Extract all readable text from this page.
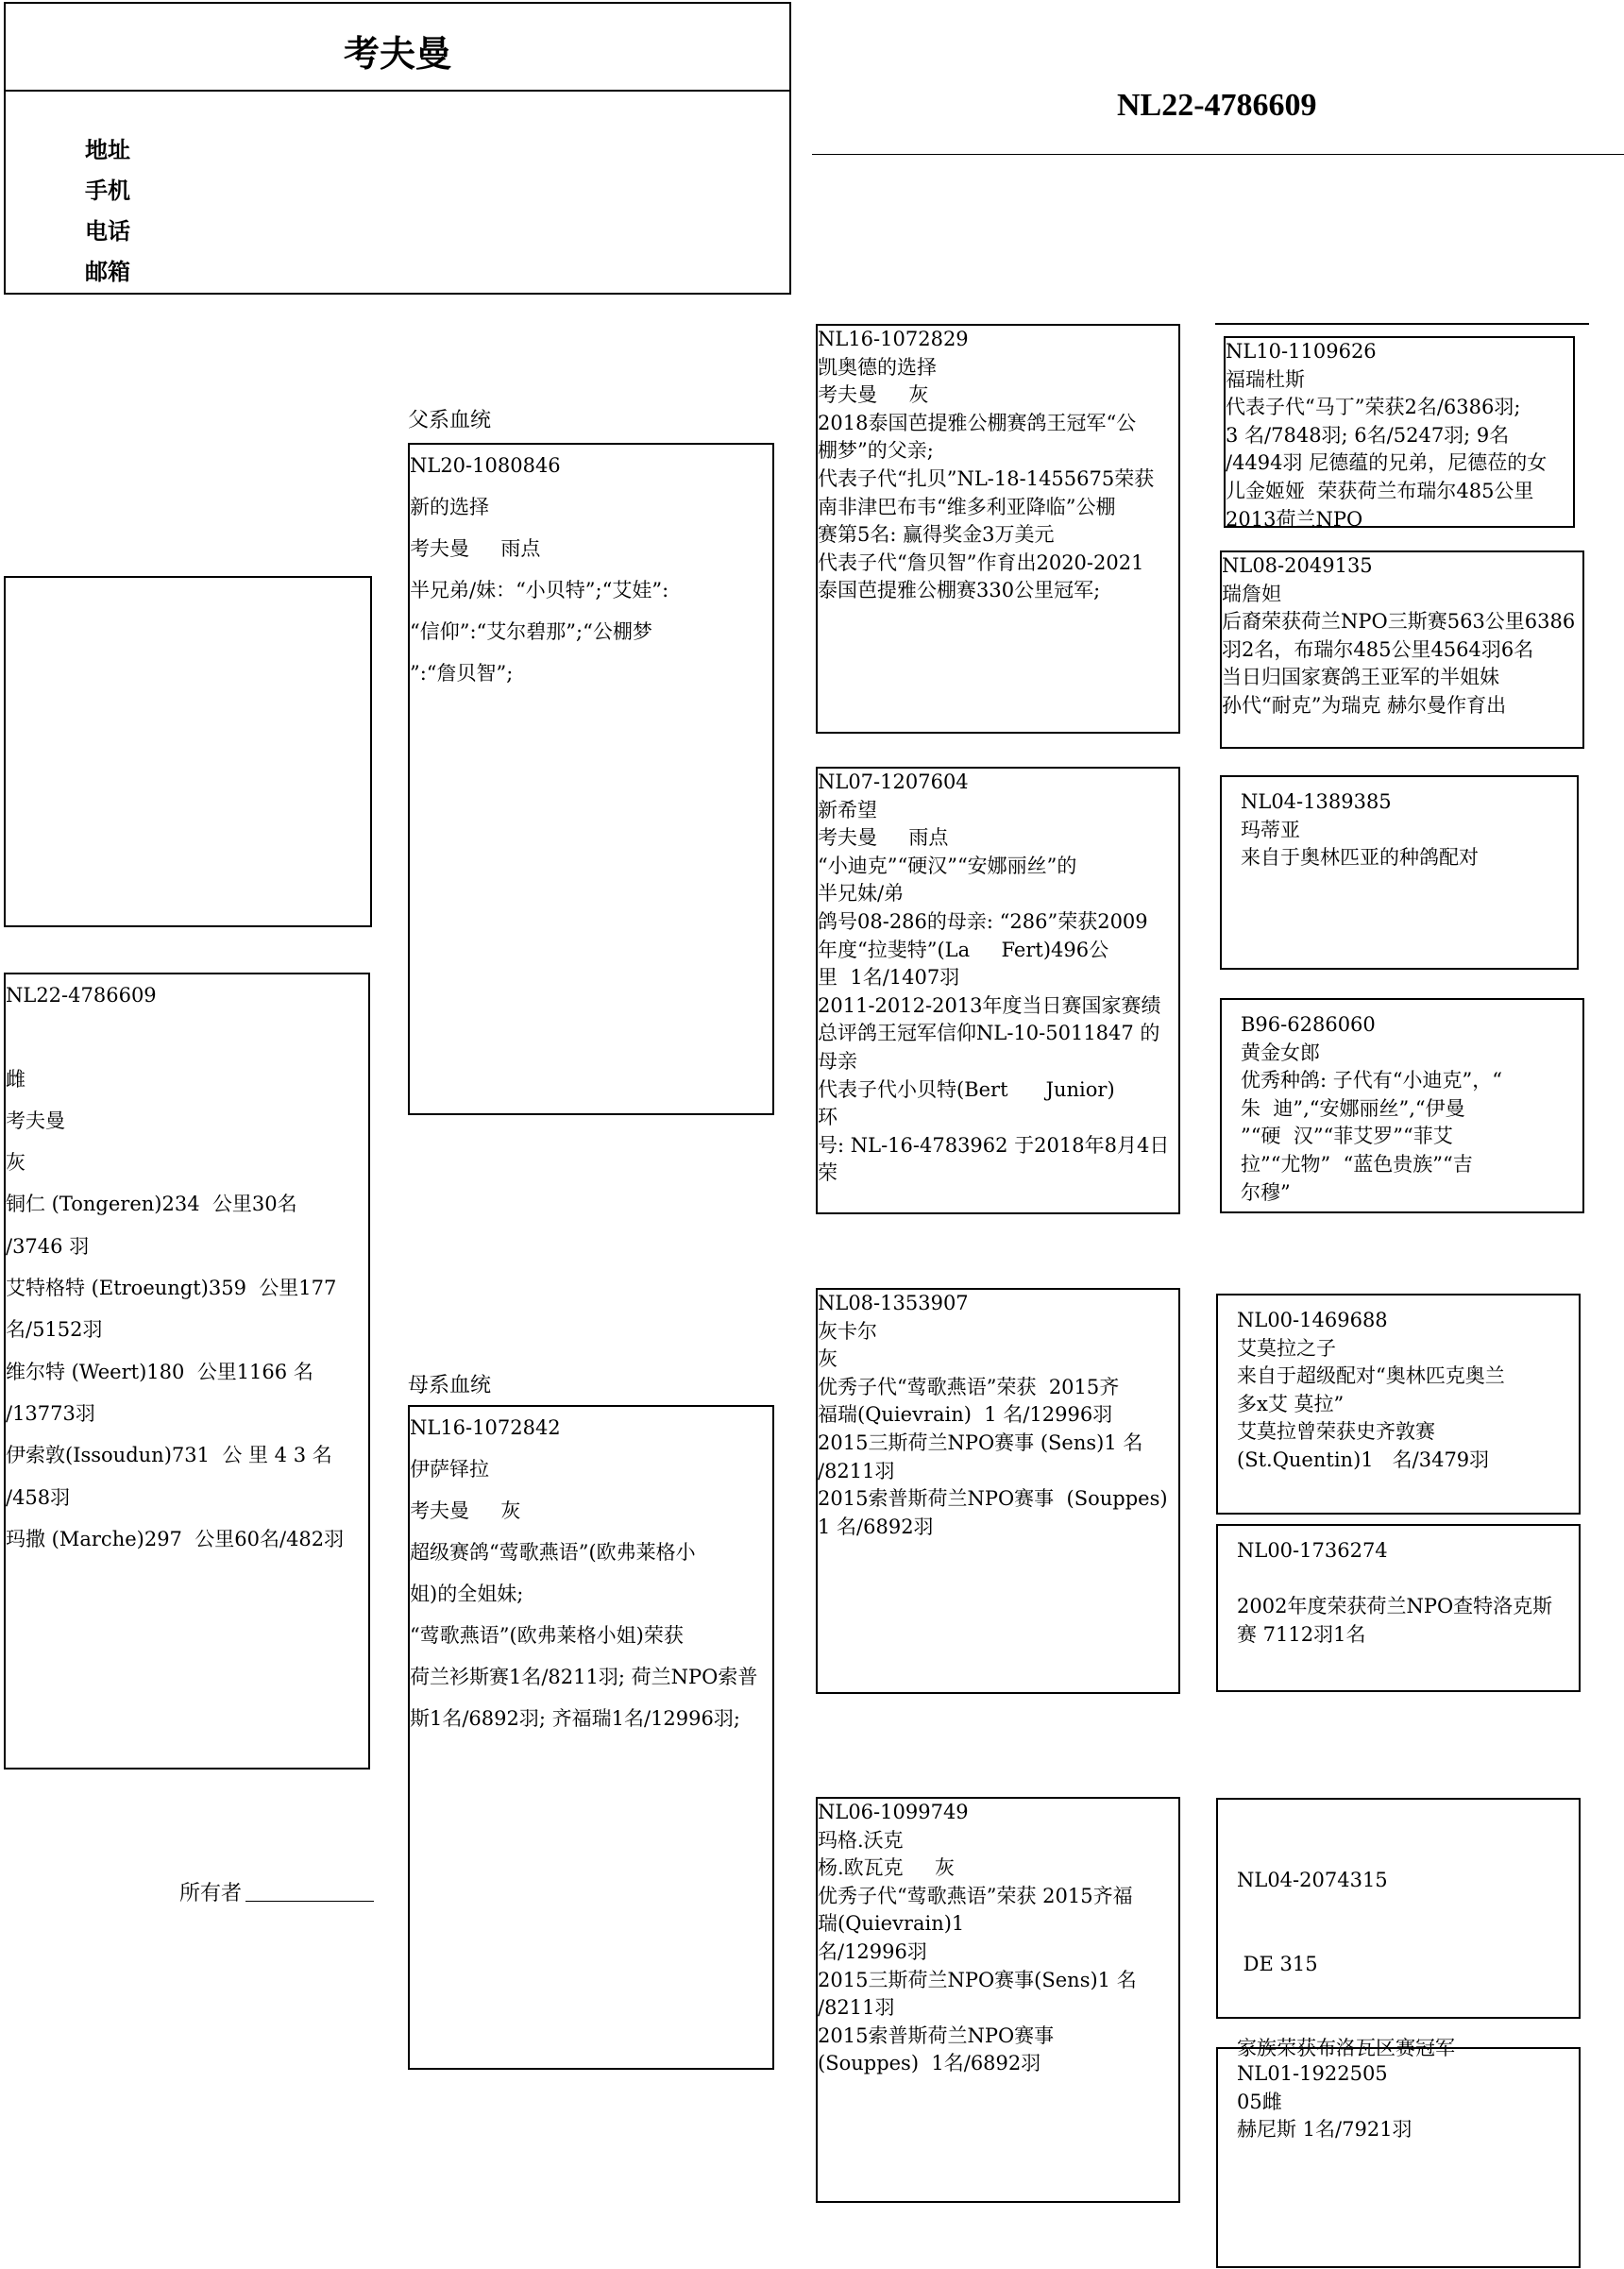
考夫曼
地址
手机
电话
邮箱
NL22-4786609
NL22-4786609

雌
考夫曼
灰
铜仁 (Tongeren)234  公里30名
/3746 羽
艾特格特 (Etroeungt)359  公里177
名/5152羽
维尔特 (Weert)180  公里1166 名
/13773羽
伊索敦(Issoudun)731  公 里 4 3 名
/458羽
玛撒 (Marche)297  公里60名/482羽
所有者
父系血统
母系血统
NL20-1080846
新的选择
考夫曼     雨点
半兄弟/妹：“小贝特”;“艾娃”:
“信仰”:“艾尔碧那”;“公棚梦
”:“詹贝智”;
NL16-1072842
伊萨铎拉
考夫曼     灰
超级赛鸽“莺歌燕语”(欧弗莱格小
姐)的全姐妹;
“莺歌燕语”(欧弗莱格小姐)荣获
荷兰衫斯赛1名/8211羽; 荷兰NPO索普
斯1名/6892羽; 齐福瑞1名/12996羽;
NL16-1072829
凯奥德的选择
考夫曼     灰
2018泰国芭提雅公棚赛鸽王冠军“公
棚梦”的父亲;
代表子代“扎贝”NL-18-1455675荣获
南非津巴布韦“维多利亚降临”公棚
赛第5名: 赢得奖金3万美元
代表子代“詹贝智”作育出2020-2021
泰国芭提雅公棚赛330公里冠军;
NL07-1207604
新希望
考夫曼     雨点
“小迪克”“硬汉”“安娜丽丝”的
半兄妹/弟
鸽号08-286的母亲: “286”荣获2009
年度“拉斐特”(La     Fert)496公
里  1名/1407羽
2011-2012-2013年度当日赛国家赛绩
总评鸽王冠军信仰NL-10-5011847 的
母亲
代表子代小贝特(Bert      Junior)
环
号: NL-16-4783962 于2018年8月4日
荣
NL08-1353907
灰卡尔
灰
优秀子代“莺歌燕语”荣获  2015齐
福瑞(Quievrain)  1 名/12996羽
2015三斯荷兰NPO赛事 (Sens)1 名
/8211羽
2015索普斯荷兰NPO赛事  (Souppes)
1 名/6892羽
NL06-1099749
玛格.沃克
杨.欧瓦克     灰
优秀子代“莺歌燕语”荣获 2015齐福
瑞(Quievrain)1
名/12996羽
2015三斯荷兰NPO赛事(Sens)1 名
/8211羽
2015索普斯荷兰NPO赛事
(Souppes)  1名/6892羽
NL10-1109626
福瑞杜斯
代表子代“马丁”荣获2名/6386羽;
3 名/7848羽; 6名/5247羽; 9名
/4494羽 尼德蕴的兄弟，尼德莅的女
儿金姬娅  荣获荷兰布瑞尔485公里
2013荷兰NPO
NL08-2049135
瑞詹妲
后裔荣获荷兰NPO三斯赛563公里6386
羽2名，布瑞尔485公里4564羽6名
当日归国家赛鸽王亚军的半姐妹
孙代“耐克”为瑞克 赫尔曼作育出
NL04-1389385
玛蒂亚
来自于奥林匹亚的种鸽配对
B96-6286060
黄金女郎
优秀种鸽: 子代有“小迪克”，“
朱  迪”,“安娜丽丝”,“伊曼
”“硬  汉”“菲艾罗”“菲艾
拉”“尤物”  “蓝色贵族”“吉
尔穆”
NL00-1469688
艾莫拉之子
来自于超级配对“奥林匹克奥兰
多x艾 莫拉”
艾莫拉曾荣获史齐敦赛
(St.Quentin)1   名/3479羽
NL00-1736274

2002年度荣获荷兰NPO查特洛克斯
赛 7112羽1名

NL04-2074315

DE 315

家族荣获布洛瓦区赛冠军

NL01-1922505
05雌
赫尼斯 1名/7921羽
